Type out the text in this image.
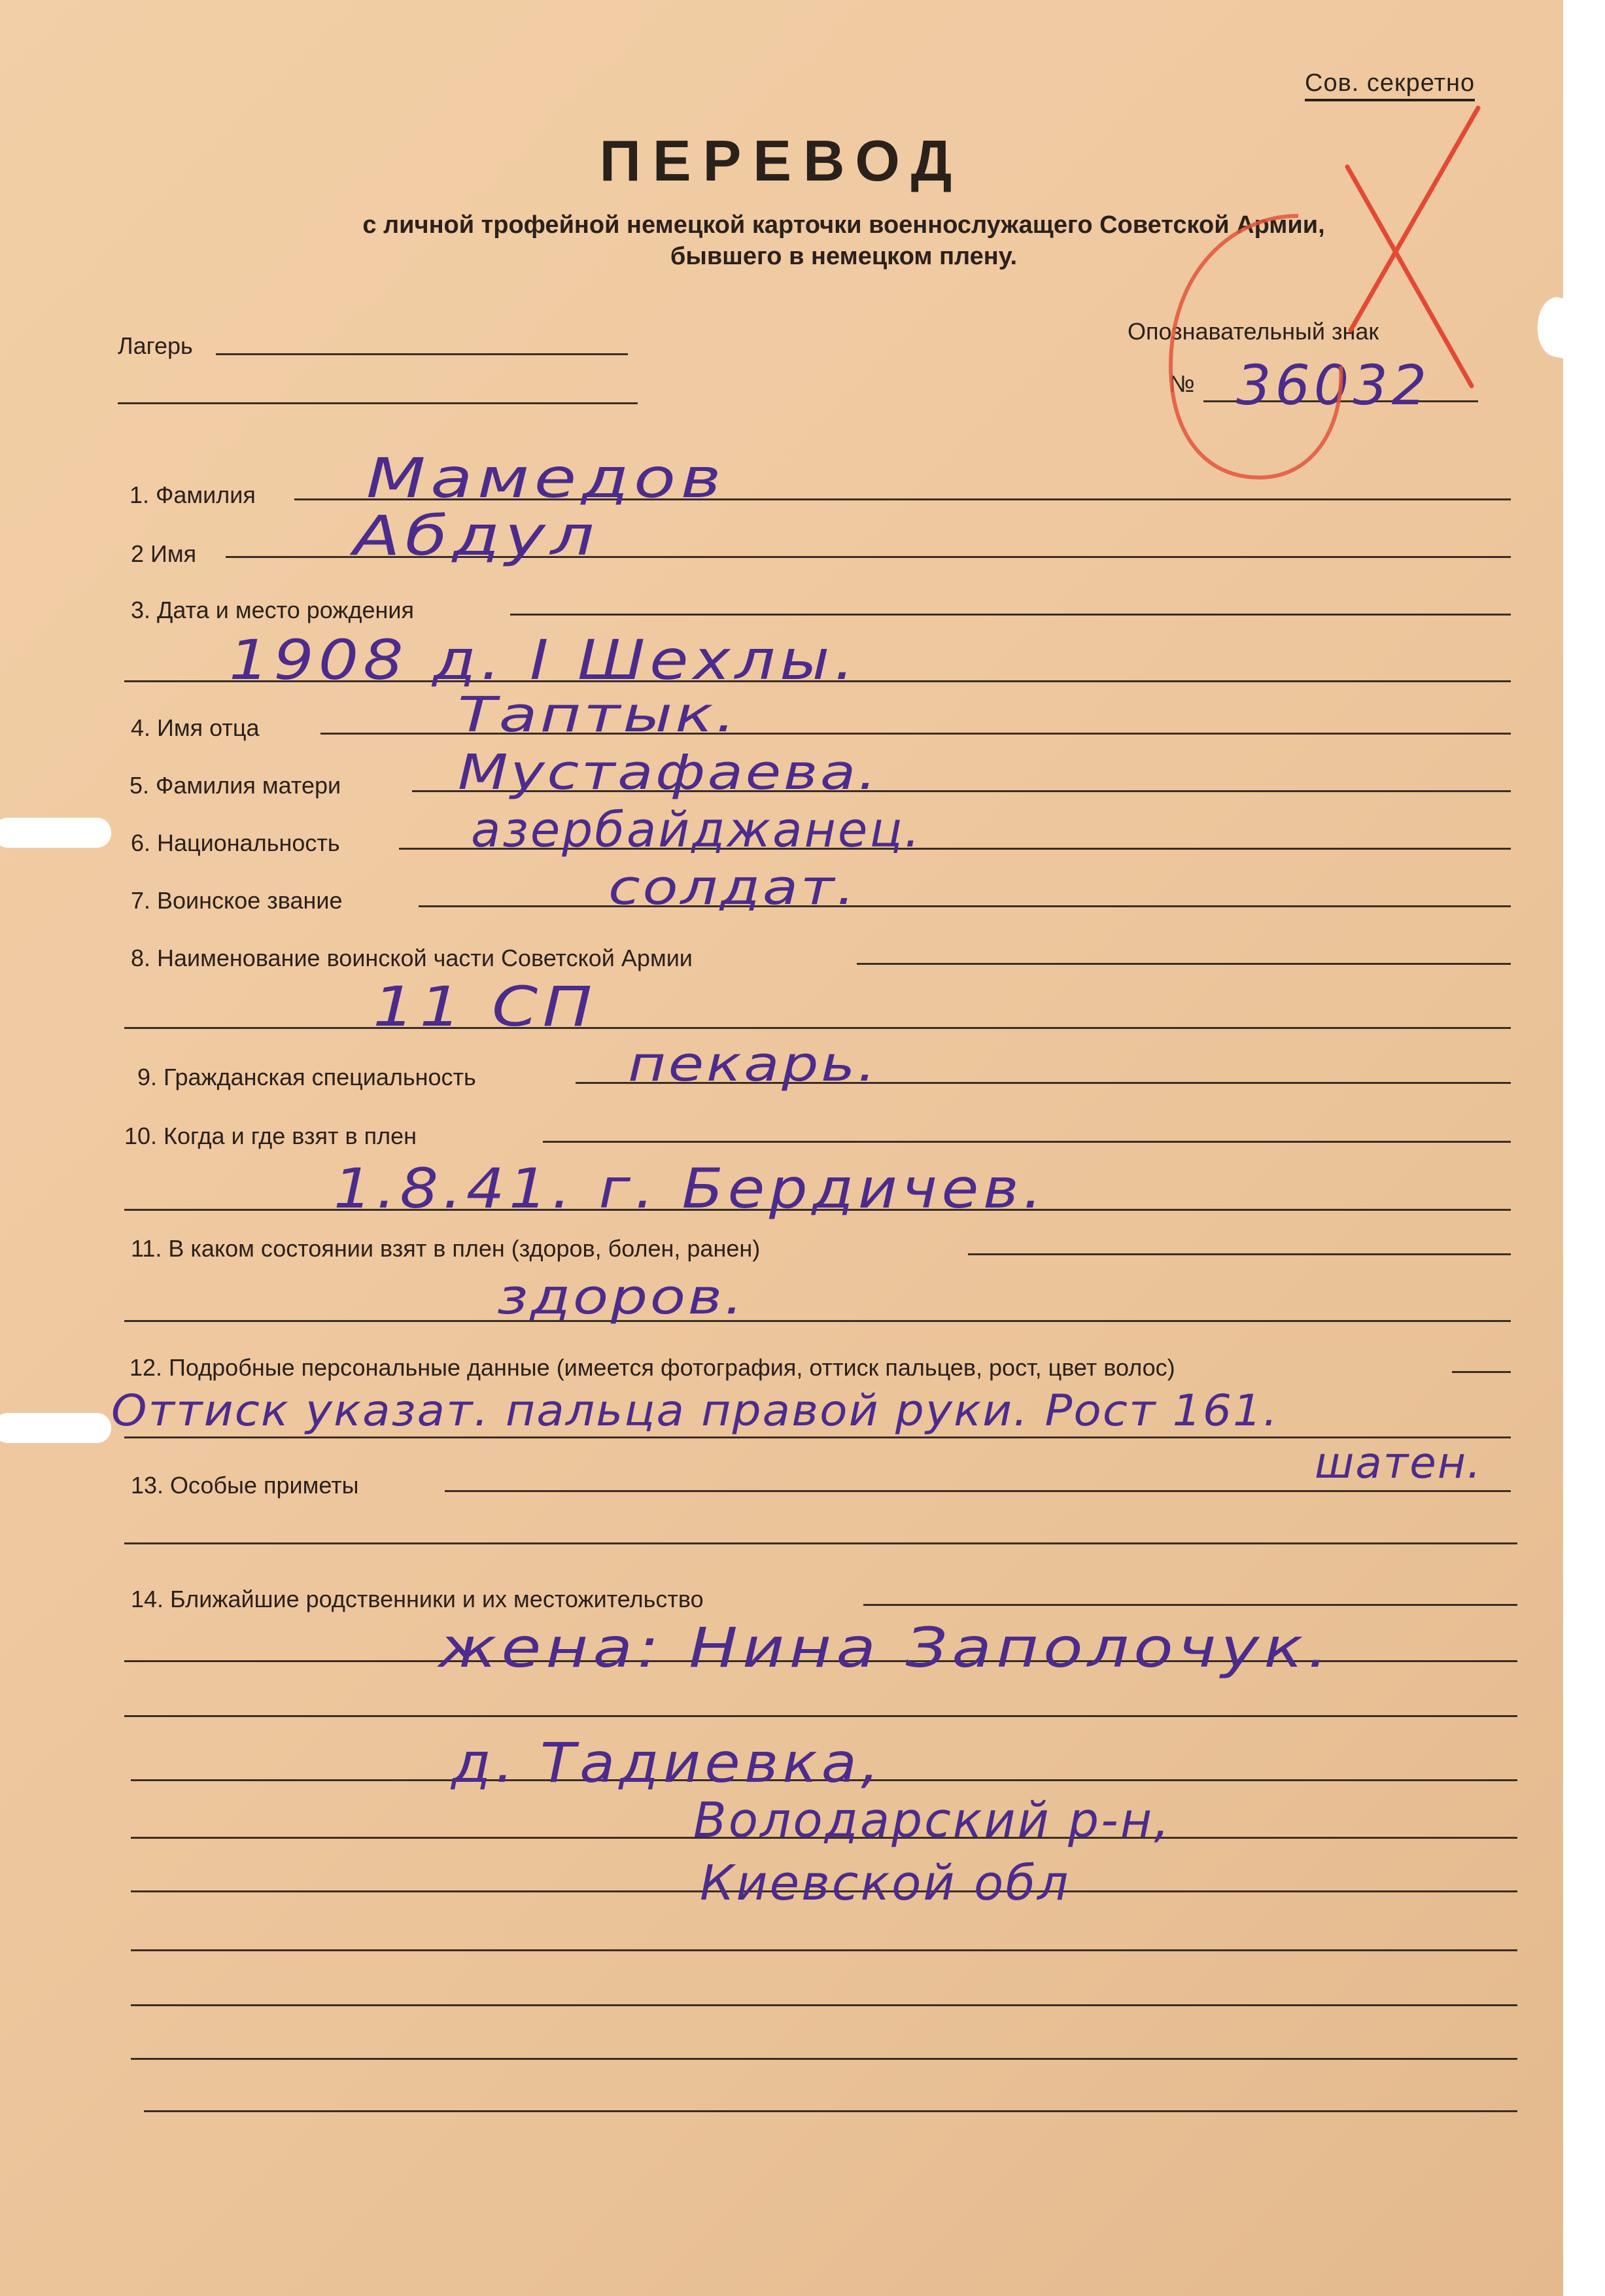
Сов. секретно
ПЕРЕВОД
с личной трофейной немецкой карточки военнослужащего Советской Армии,
бывшего в немецком плену.
Лагерь
Опознавательный знак
№ 36032
1. Фамилия Мамедов
2 Имя	Абдул
3. Дата и место рождения
1908 д. I Шехлы.
4. Имя отца	Таптык.
5. Фамилия матери Мустафаева.
6. Национальность	азербайджанец.
7. Воинское звание	солдат.
8. Наименование воинской части Советской Армии
11 СП
9. Гражданская специальность	пекарь.
10. Когда и где взят в плен
1.8.41. г. Бердичев.
11. В каком состоянии взят в плен (здоров, болен, ранен)
здоров.
12. Подробные персональные данные (имеется фотография, оттиск пальцев, рост, цвет волос)
Оттиск указат. пальца правой руки. Рост 161.
шатен.
13. Особые приметы
14. Ближайшие родственники и их местожительство
жена: Нина Заполочук.
д. Тадиевка,
Володарский р-н,
Киевской обл
